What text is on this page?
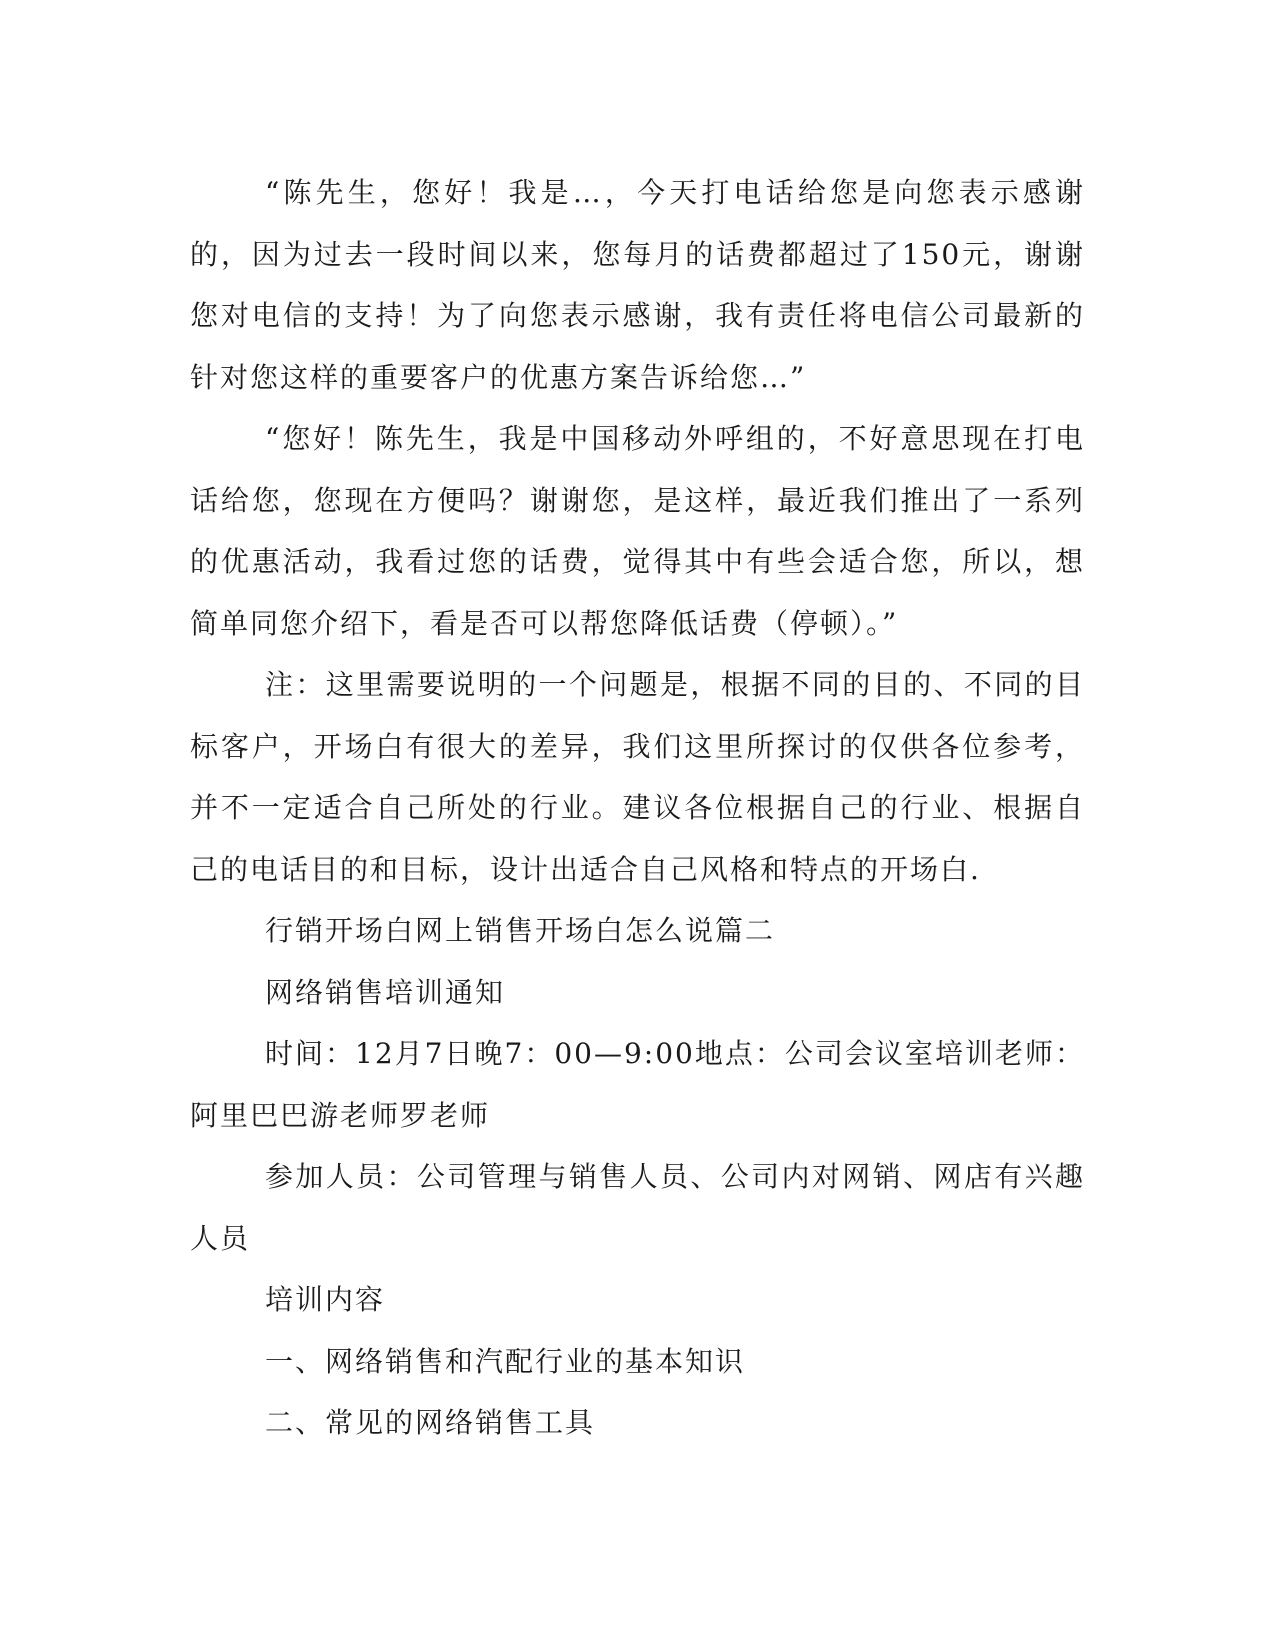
“陈先生，您好！我是…，今天打电话给您是向您表示感谢的，因为过去一段时间以来，您每月的话费都超过了150元，谢谢您对电信的支持！为了向您表示感谢，我有责任将电信公司最新的针对您这样的重要客户的优惠方案告诉给您…”

“您好！陈先生，我是中国移动外呼组的，不好意思现在打电话给您，您现在方便吗？谢谢您，是这样，最近我们推出了一系列的优惠活动，我看过您的话费，觉得其中有些会适合您，所以，想简单同您介绍下，看是否可以帮您降低话费（停顿）。”

注：这里需要说明的一个问题是，根据不同的目的、不同的目标客户，开场白有很大的差异，我们这里所探讨的仅供各位参考，并不一定适合自己所处的行业。建议各位根据自己的行业、根据自己的电话目的和目标，设计出适合自己风格和特点的开场白.

行销开场白网上销售开场白怎么说篇二

网络销售培训通知

时间：12月7日晚7：00—9:00地点：公司会议室培训老师：阿里巴巴游老师罗老师

参加人员：公司管理与销售人员、公司内对网销、网店有兴趣人员

培训内容

一、网络销售和汽配行业的基本知识

二、常见的网络销售工具
